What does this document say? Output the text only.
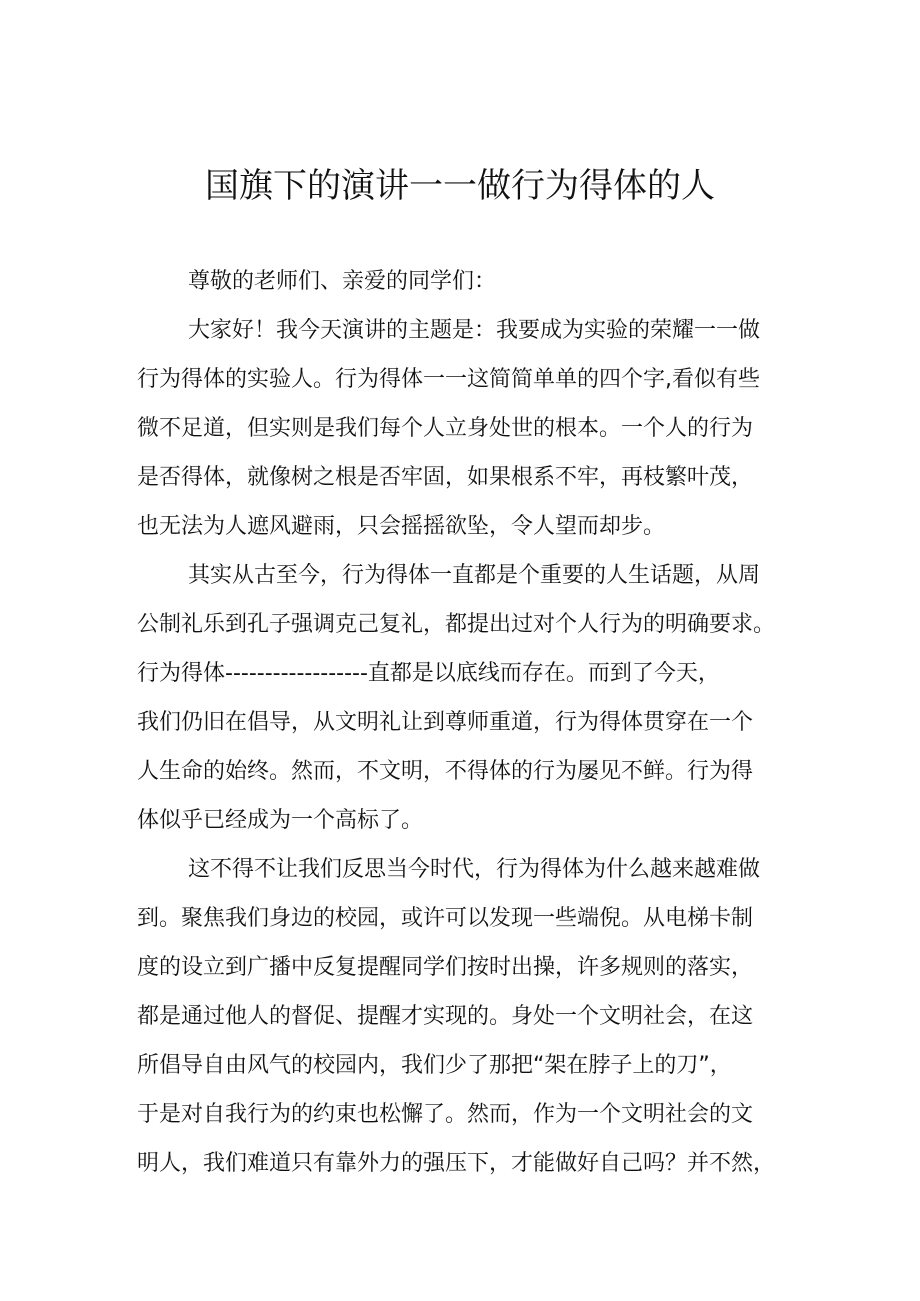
国旗下的演讲一一做行为得体的人
尊敬的老师们、亲爱的同学们：
大家好！我今天演讲的主题是：我要成为实验的荣耀一一做
行为得体的实验人。行为得体一一这简简单单的四个字,看似有些
微不足道，但实则是我们每个人立身处世的根本。一个人的行为
是否得体，就像树之根是否牢固，如果根系不牢，再枝繁叶茂，
也无法为人遮风避雨，只会摇摇欲坠，令人望而却步。
其实从古至今，行为得体一直都是个重要的人生话题，从周
公制礼乐到孔子强调克己复礼，都提出过对个人行为的明确要求。
行为得体------------------直都是以底线而存在。而到了今天，
我们仍旧在倡导，从文明礼让到尊师重道，行为得体贯穿在一个
人生命的始终。然而，不文明，不得体的行为屡见不鲜。行为得
体似乎已经成为一个高标了。
这不得不让我们反思当今时代，行为得体为什么越来越难做
到。聚焦我们身边的校园，或许可以发现一些端倪。从电梯卡制
度的设立到广播中反复提醒同学们按时出操，许多规则的落实，
都是通过他人的督促、提醒才实现的。身处一个文明社会，在这
所倡导自由风气的校园内，我们少了那把“架在脖子上的刀”，
于是对自我行为的约束也松懈了。然而，作为一个文明社会的文
明人，我们难道只有靠外力的强压下，才能做好自己吗？并不然，
